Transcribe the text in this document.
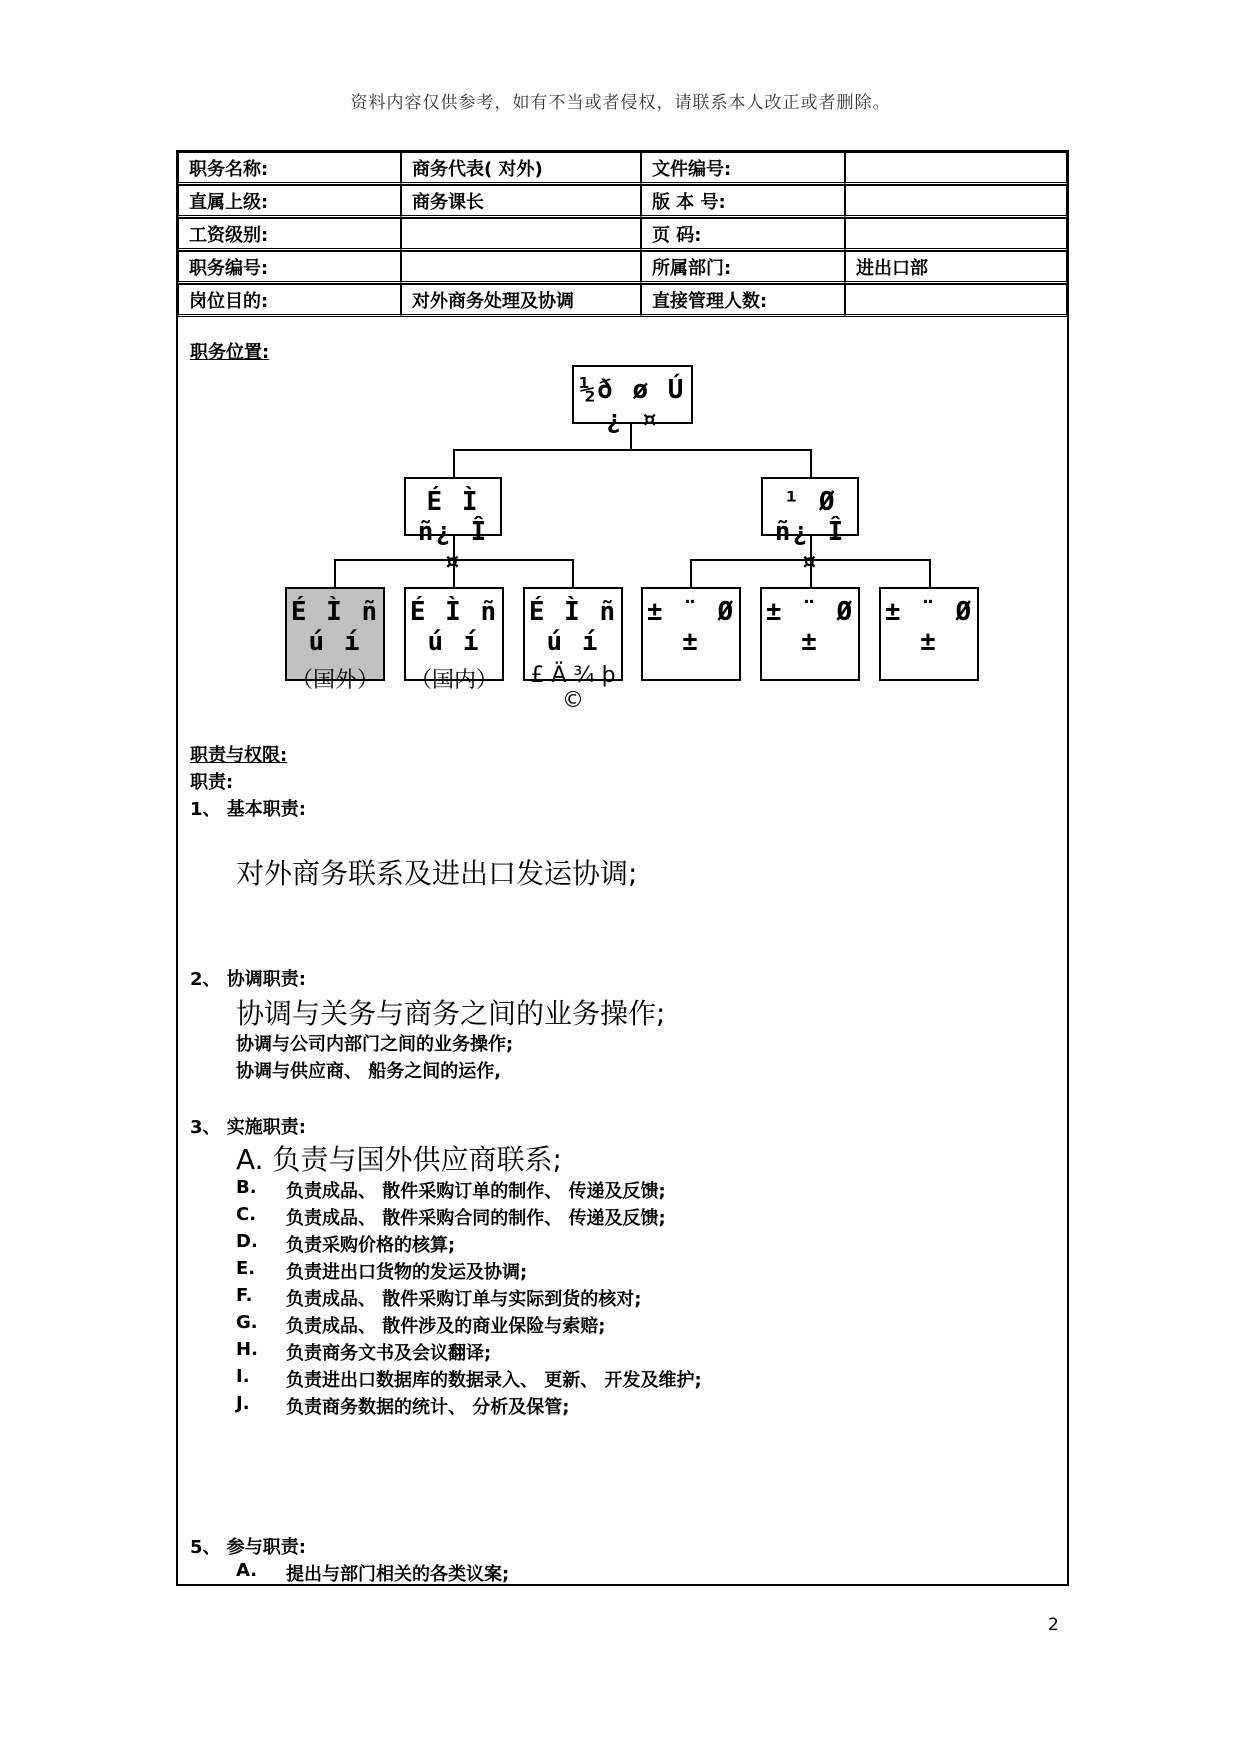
资料内容仅供参考，如有不当或者侵权，请联系本人改正或者删除。
职务名称:	商务代表( 对外)	文件编号:	
直属上级:	商务课长	版 本 号:	
工资级别:		页 码:	
职务编号:		所属部门:	进出口部
岗位目的:	对外商务处理及协调	直接管理人数:	
职务位置:
½ð ø Ú ¿ ¤
É Ì ñ¿ Î ¤
¹ Ø ñ¿ Î ¤
É Ì ñ ú í
（国外）
É Ì ñ ú í
（国内）
É Ì ñ ú í
£ Ä ¾ þ ©
± ¨ Ø ±
± ¨ Ø ±
± ¨ Ø ±
职责与权限:
职责:
1、 基本职责:
对外商务联系及进出口发运协调;
2、 协调职责:
协调与关务与商务之间的业务操作;
协调与公司内部门之间的业务操作;
协调与供应商、 船务之间的运作,
3、 实施职责:
A. 负责与国外供应商联系;
B.	负责成品、 散件采购订单的制作、 传递及反馈;
C.	负责成品、 散件采购合同的制作、 传递及反馈;
D.	负责采购价格的核算;
E.	负责进出口货物的发运及协调;
F.	负责成品、 散件采购订单与实际到货的核对;
G.	负责成品、 散件涉及的商业保险与索赔;
H.	负责商务文书及会议翻译;
I.	负责进出口数据库的数据录入、 更新、 开发及维护;
J.	负责商务数据的统计、 分析及保管;
5、 参与职责:
A.	提出与部门相关的各类议案;
2
